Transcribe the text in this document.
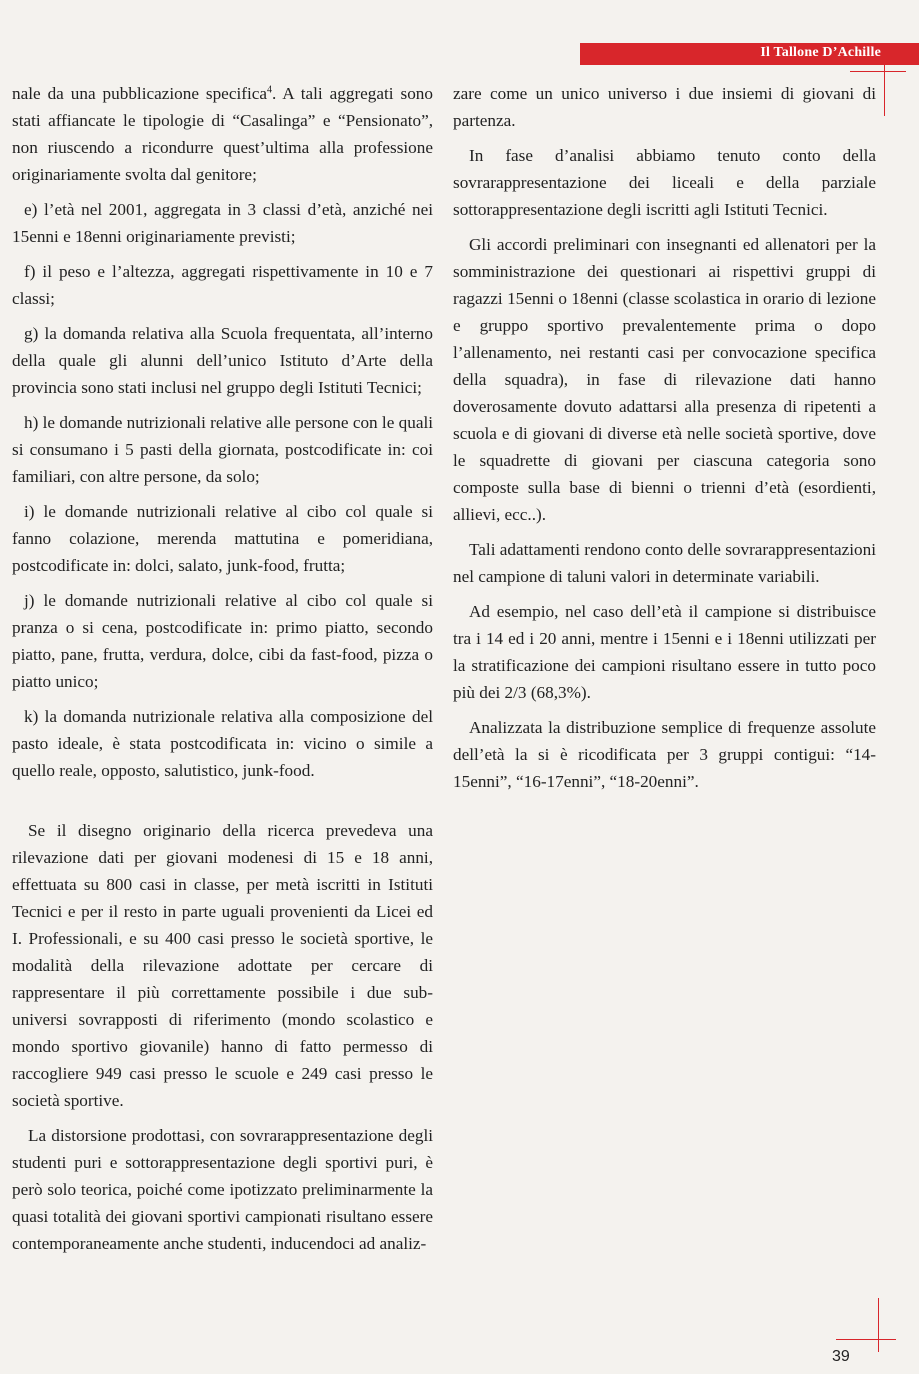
Il Tallone D’Achille

nale da una pubblicazione specifica$^4$. A tali aggregati sono stati affiancate le tipologie di “Casalinga” e “Pensionato”, non riuscendo a ricondurre quest’ultima alla professione originariamente svolta dal genitore;

e) l’età nel 2001, aggregata in 3 classi d’età, anziché nei 15enni e 18enni originariamente previsti;

f) il peso e l’altezza, aggregati rispettivamente in 10 e 7 classi;

g) la domanda relativa alla Scuola frequentata, all’interno della quale gli alunni dell’unico Istituto d’Arte della provincia sono stati inclusi nel gruppo degli Istituti Tecnici;

h) le domande nutrizionali relative alle persone con le quali si consumano i 5 pasti della giornata, postcodificate in: coi familiari, con altre persone, da solo;

i) le domande nutrizionali relative al cibo col quale si fanno colazione, merenda mattutina e pomeridiana, postcodificate in: dolci, salato, junk-food, frutta;

j) le domande nutrizionali relative al cibo col quale si pranza o si cena, postcodificate in: primo piatto, secondo piatto, pane, frutta, verdura, dolce, cibi da fast-food, pizza o piatto unico;

k) la domanda nutrizionale relativa alla composizione del pasto ideale, è stata postcodificata in: vicino o simile a quello reale, opposto, salutistico, junk-food.

Se il disegno originario della ricerca prevedeva una rilevazione dati per giovani modenesi di 15 e 18 anni, effettuata su 800 casi in classe, per metà iscritti in Istituti Tecnici e per il resto in parte uguali provenienti da Licei ed I. Professionali, e su 400 casi presso le società sportive, le modalità della rilevazione adottate per cercare di rappresentare il più correttamente possibile i due sub-universi sovrapposti di riferimento (mondo scolastico e mondo sportivo giovanile) hanno di fatto permesso di raccogliere 949 casi presso le scuole e 249 casi presso le società sportive.

La distorsione prodottasi, con sovrarappresentazione degli studenti puri e sottorappresentazione degli sportivi puri, è però solo teorica, poiché come ipotizzato preliminarmente la quasi totalità dei giovani sportivi campionati risultano essere contemporaneamente anche studenti, inducendoci ad analiz-

zare come un unico universo i due insiemi di giovani di partenza.

In fase d’analisi abbiamo tenuto conto della sovrarappresentazione dei liceali e della parziale sottorappresentazione degli iscritti agli Istituti Tecnici.

Gli accordi preliminari con insegnanti ed allenatori per la somministrazione dei questionari ai rispettivi gruppi di ragazzi 15enni o 18enni (classe scolastica in orario di lezione e gruppo sportivo prevalentemente prima o dopo l’allenamento, nei restanti casi per convocazione specifica della squadra), in fase di rilevazione dati hanno doverosamente dovuto adattarsi alla presenza di ripetenti a scuola e di giovani di diverse età nelle società sportive, dove le squadrette di giovani per ciascuna categoria sono composte sulla base di bienni o trienni d’età (esordienti, allievi, ecc..).

Tali adattamenti rendono conto delle sovrarappresentazioni nel campione di taluni valori in determinate variabili.

Ad esempio, nel caso dell’età il campione si distribuisce tra i 14 ed i 20 anni, mentre i 15enni e i 18enni utilizzati per la stratificazione dei campioni risultano essere in tutto poco più dei 2/3 (68,3%).

Analizzata la distribuzione semplice di frequenze assolute dell’età la si è ricodificata per 3 gruppi contigui: “14-15enni”, “16-17enni”, “18-20enni”.

39
